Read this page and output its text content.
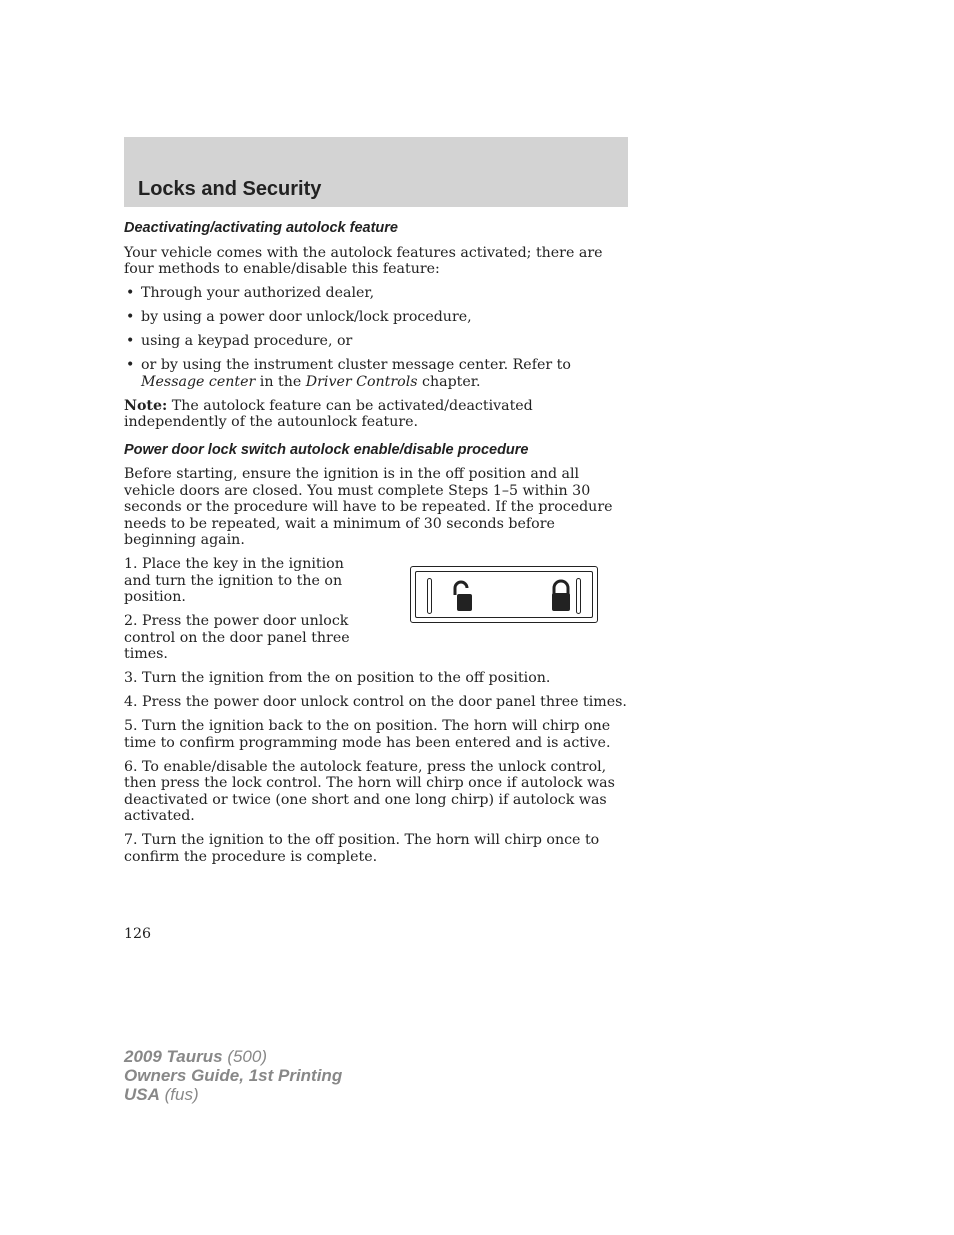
Locks and Security
Deactivating/activating autolock feature

Your vehicle comes with the autolock features activated; there are four methods to enable/disable this feature:

• Through your authorized dealer,
• by using a power door unlock/lock procedure,
• using a keypad procedure, or
• or by using the instrument cluster message center. Refer to Message center in the Driver Controls chapter.

Note: The autolock feature can be activated/deactivated independently of the autounlock feature.

Power door lock switch autolock enable/disable procedure

Before starting, ensure the ignition is in the off position and all vehicle doors are closed. You must complete Steps 1–5 within 30 seconds or the procedure will have to be repeated. If the procedure needs to be repeated, wait a minimum of 30 seconds before beginning again.

1. Place the key in the ignition and turn the ignition to the on position.

2. Press the power door unlock control on the door panel three times.

3. Turn the ignition from the on position to the off position.

4. Press the power door unlock control on the door panel three times.

5. Turn the ignition back to the on position. The horn will chirp one time to confirm programming mode has been entered and is active.

6. To enable/disable the autolock feature, press the unlock control, then press the lock control. The horn will chirp once if autolock was deactivated or twice (one short and one long chirp) if autolock was activated.

7. Turn the ignition to the off position. The horn will chirp once to confirm the procedure is complete.

126
2009 Taurus (500)
Owners Guide, 1st Printing
USA (fus)
